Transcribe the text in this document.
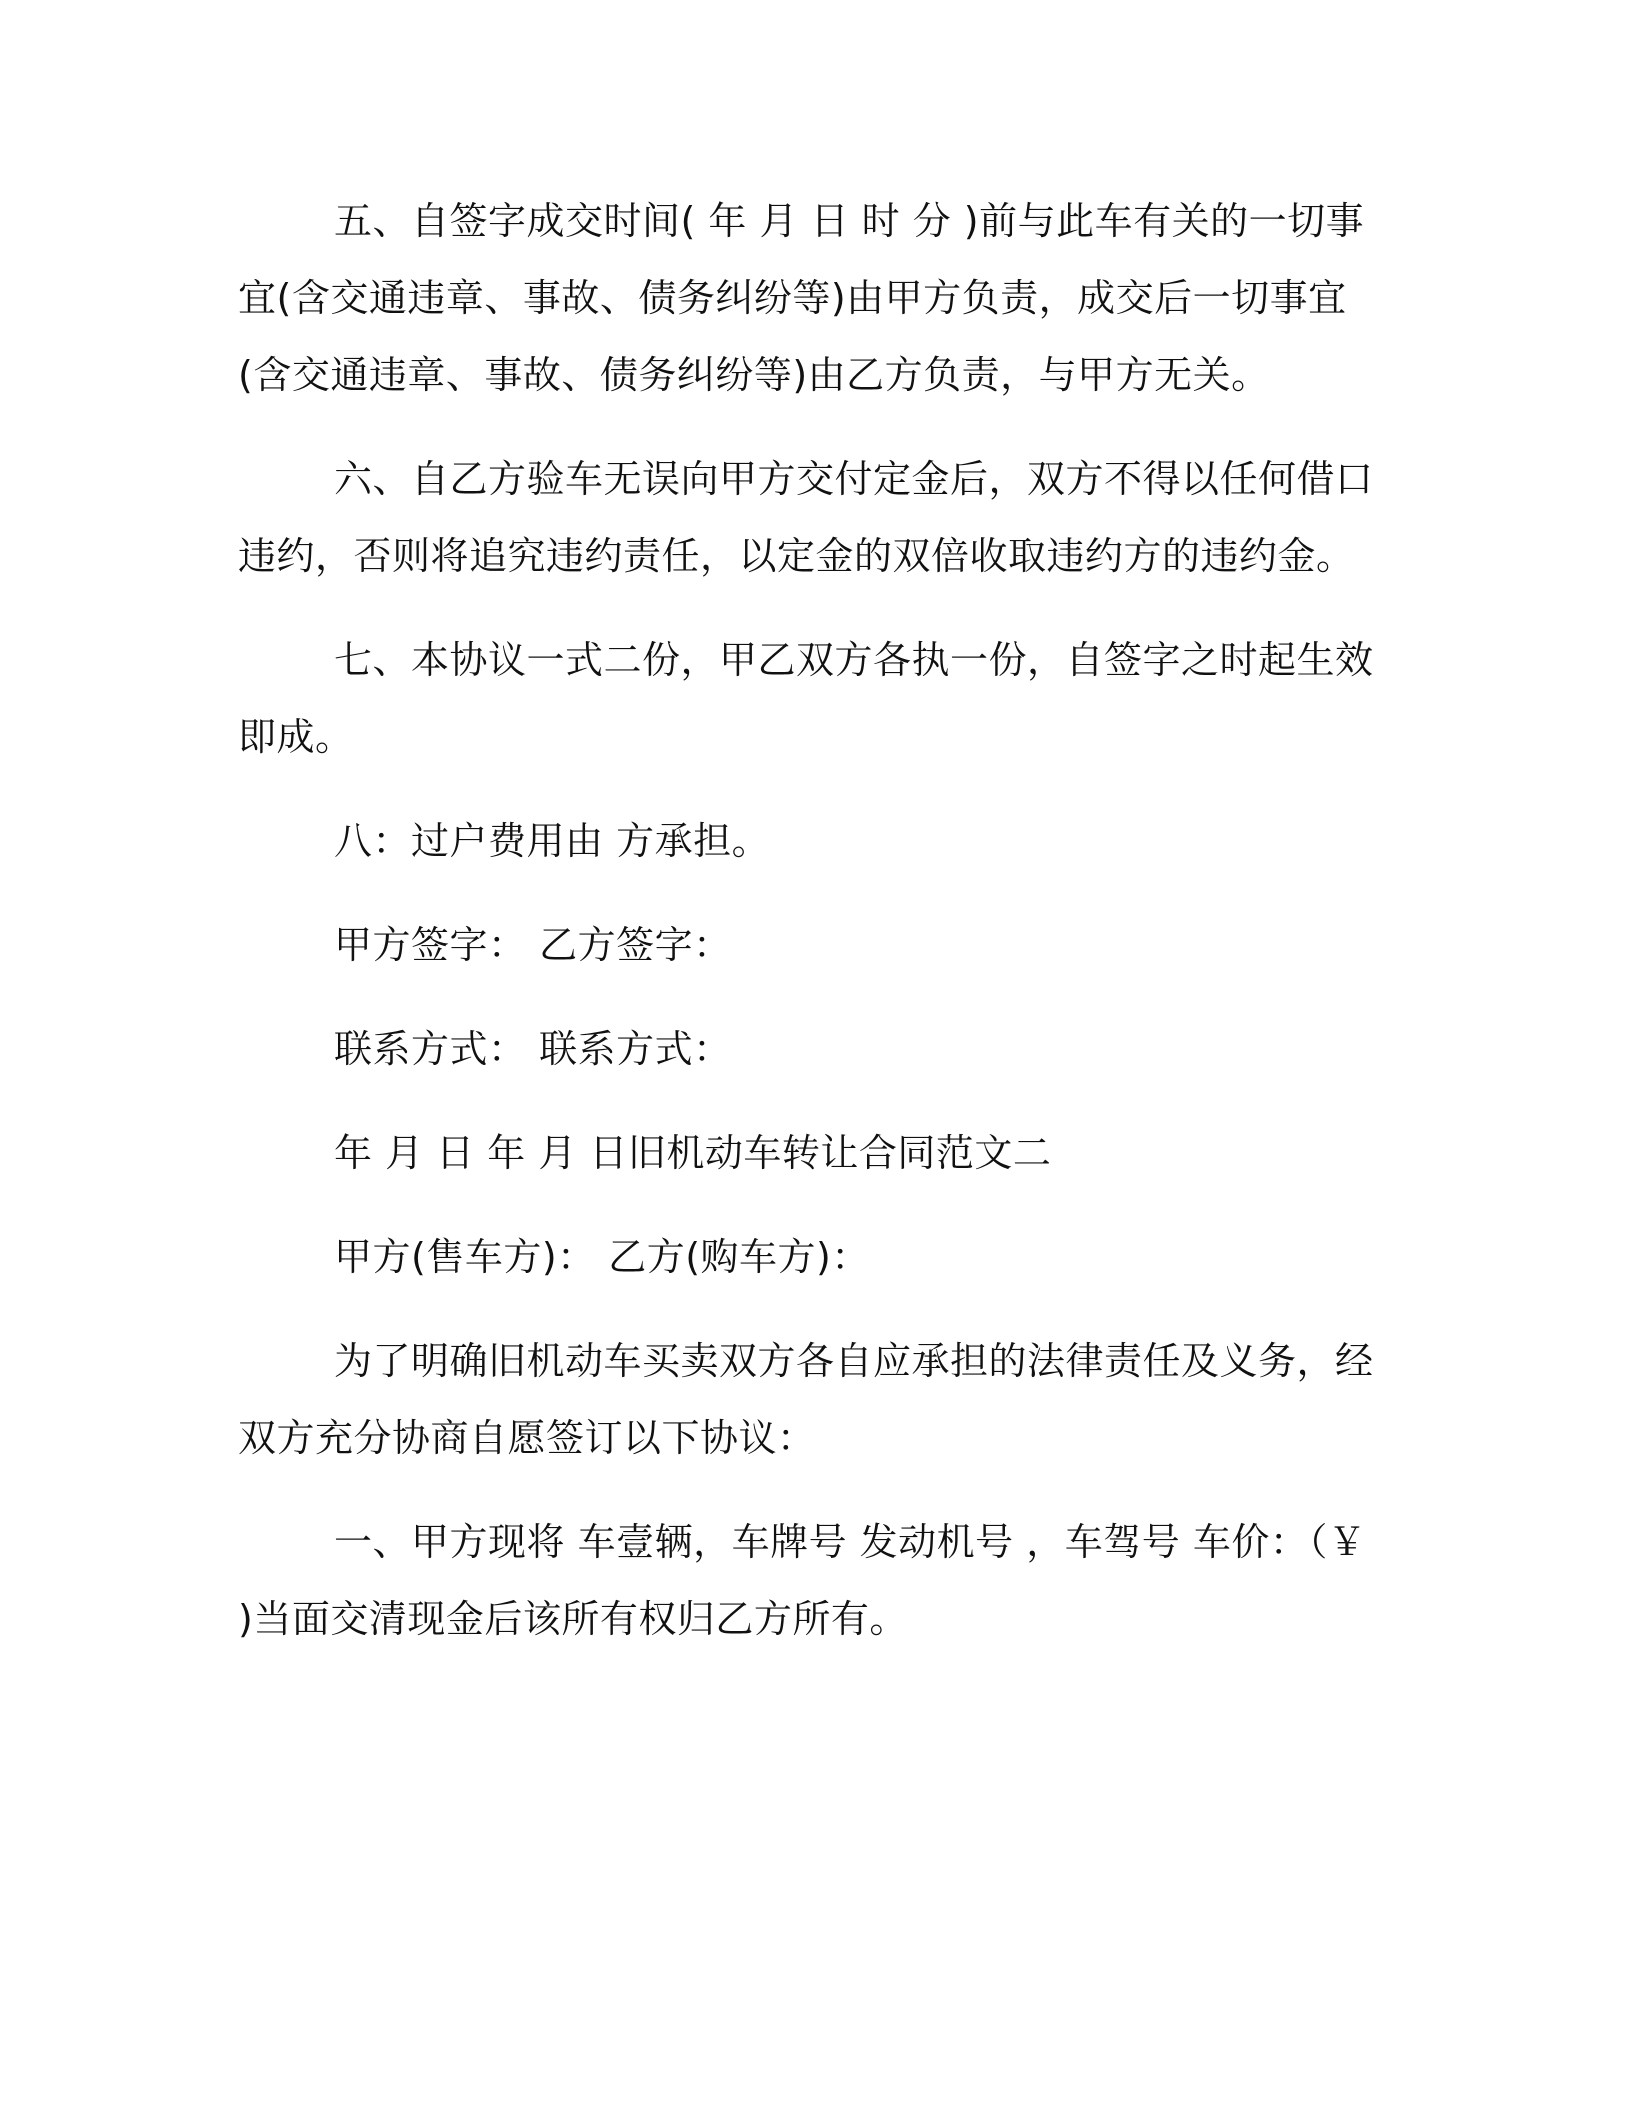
五、自签字成交时间( 年 月 日 时 分 )前与此车有关的一切事宜(含交通违章、事故、债务纠纷等)由甲方负责，成交后一切事宜(含交通违章、事故、债务纠纷等)由乙方负责，与甲方无关。

六、自乙方验车无误向甲方交付定金后，双方不得以任何借口违约，否则将追究违约责任，以定金的双倍收取违约方的违约金。

七、本协议一式二份，甲乙双方各执一份，自签字之时起生效即成。

八：过户费用由 方承担。

甲方签字： 乙方签字：

联系方式： 联系方式：

年 月 日 年 月 日旧机动车转让合同范文二

甲方(售车方)： 乙方(购车方)：

为了明确旧机动车买卖双方各自应承担的法律责任及义务，经双方充分协商自愿签订以下协议：

一、甲方现将 车壹辆，车牌号 发动机号 ，车驾号 车价：（￥ )当面交清现金后该所有权归乙方所有。
